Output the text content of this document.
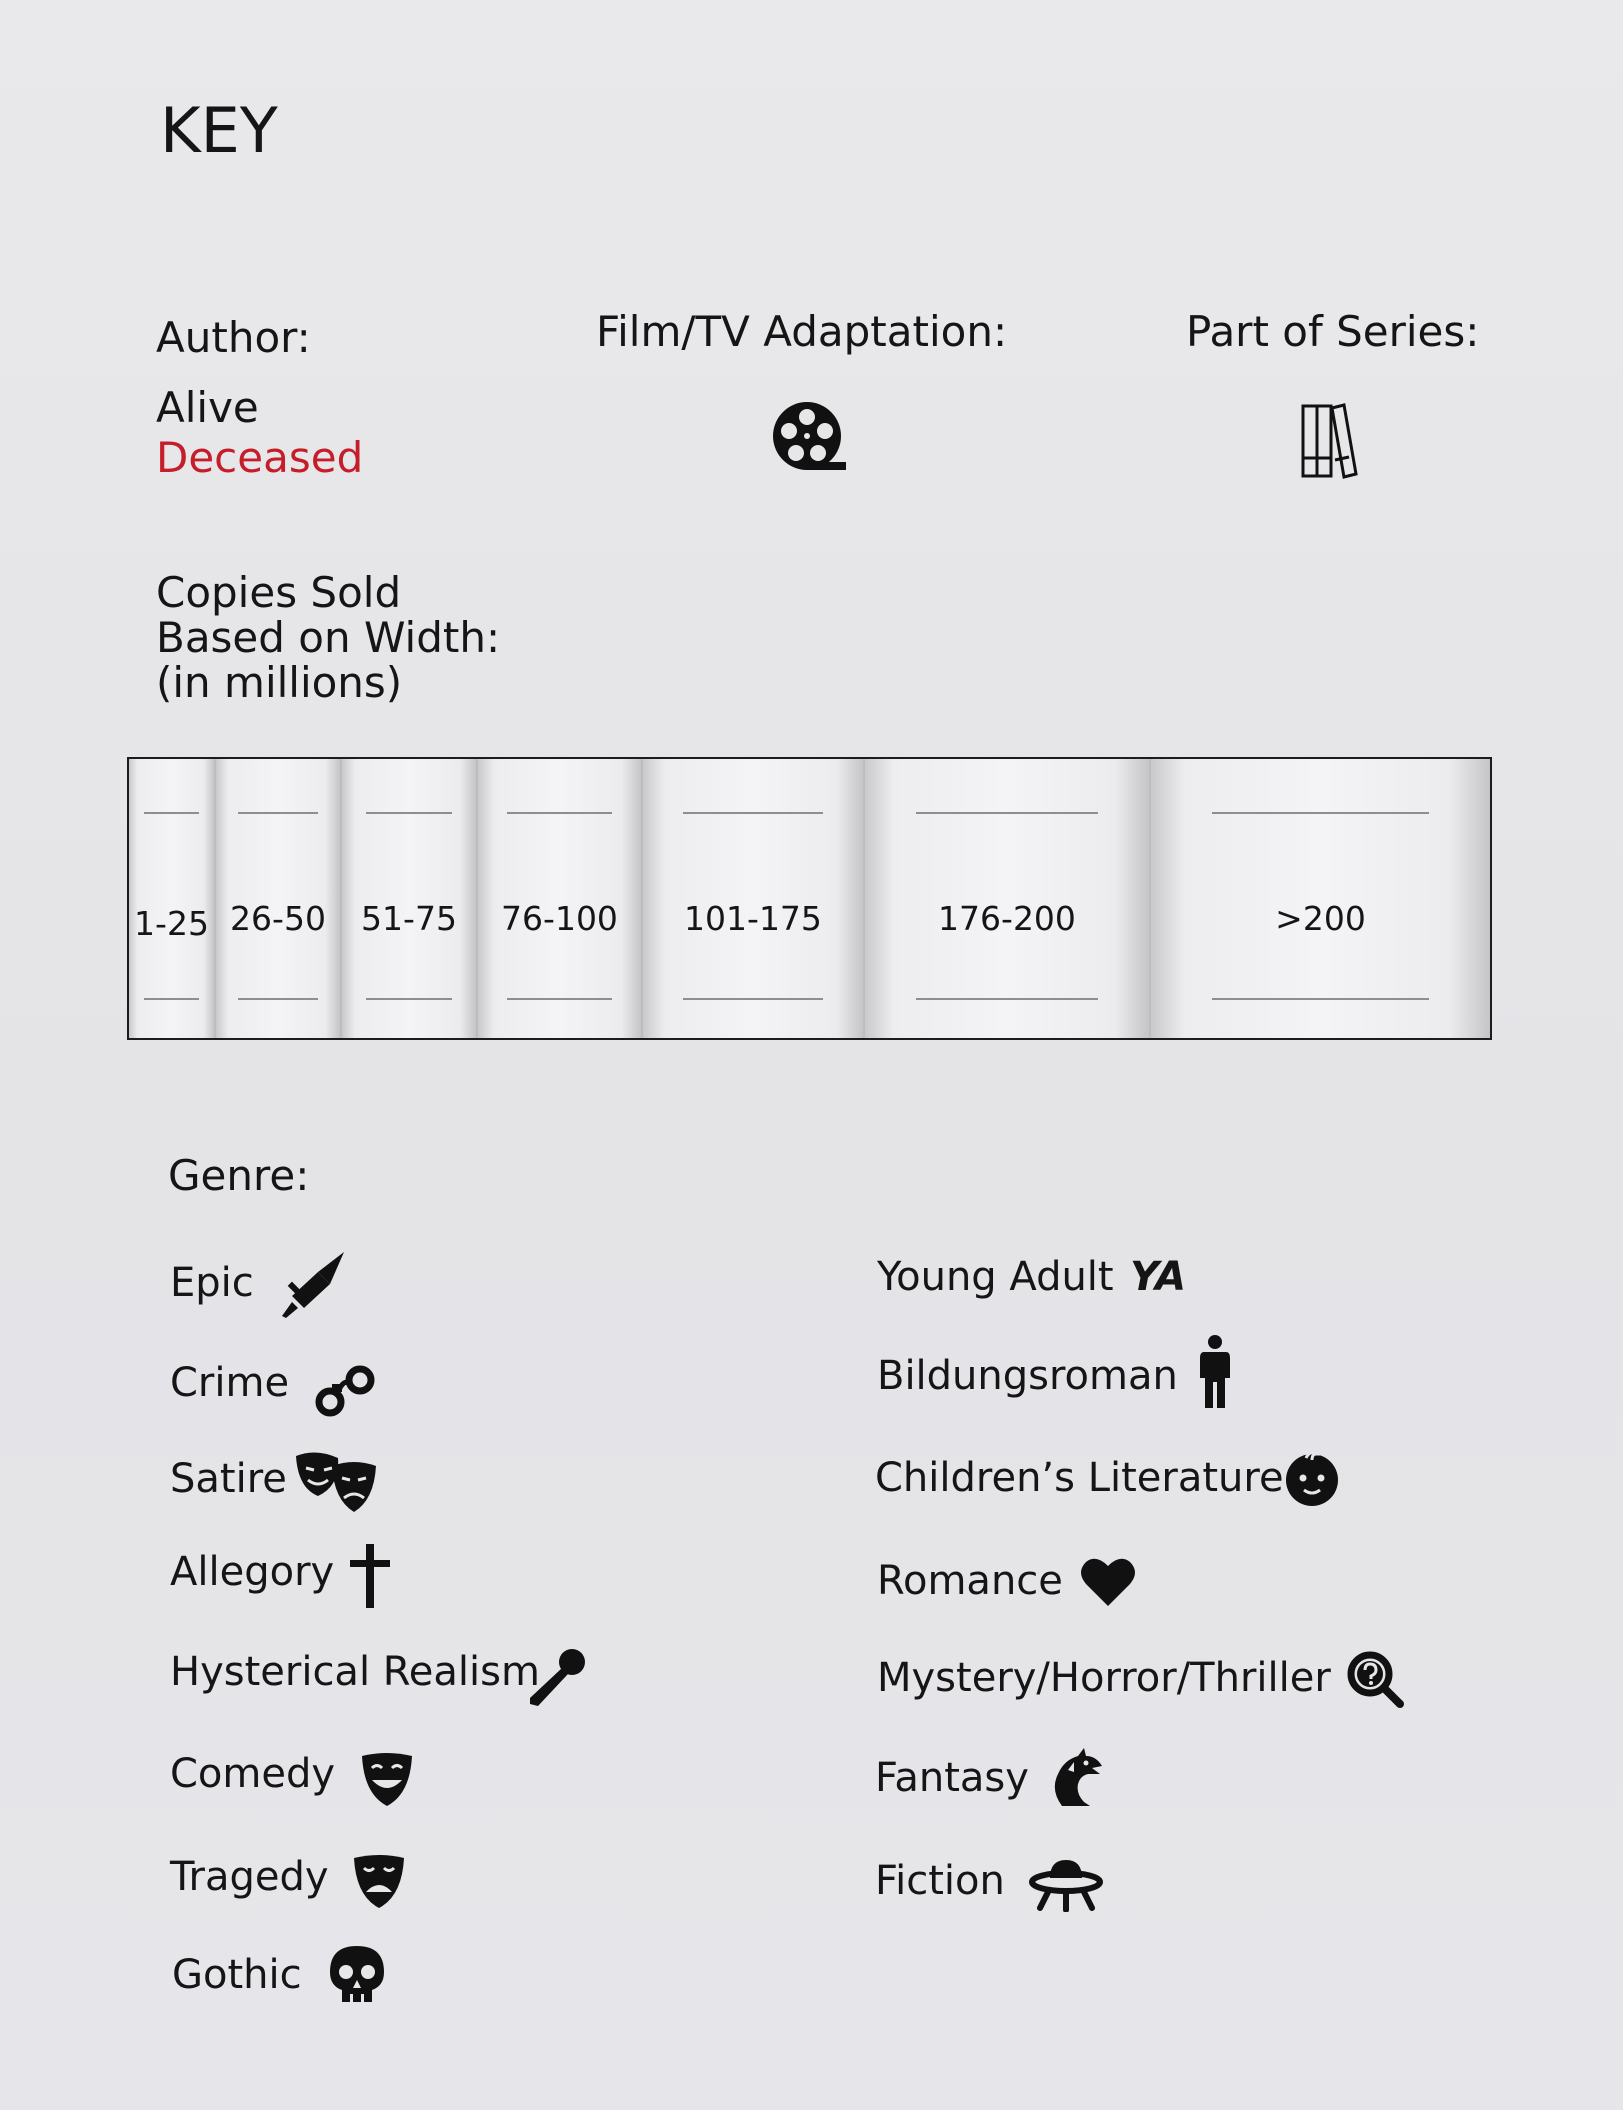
KEY
Author:
Alive
Deceased
Film/TV Adaptation:	Part of Series:
Copies Sold
Based on Width:
(in millions)
1-25 26-50	51-75	76-100	101-175	176-200	>200
Genre:
Epic
Crime
Satire
Allegory
Hysterical Realism
Comedy
Tragedy
Gothic
Young Adult YA
Bildungsroman
Children’s Literature
Romance
Mystery/Horror/Thriller
Fantasy
Fiction
